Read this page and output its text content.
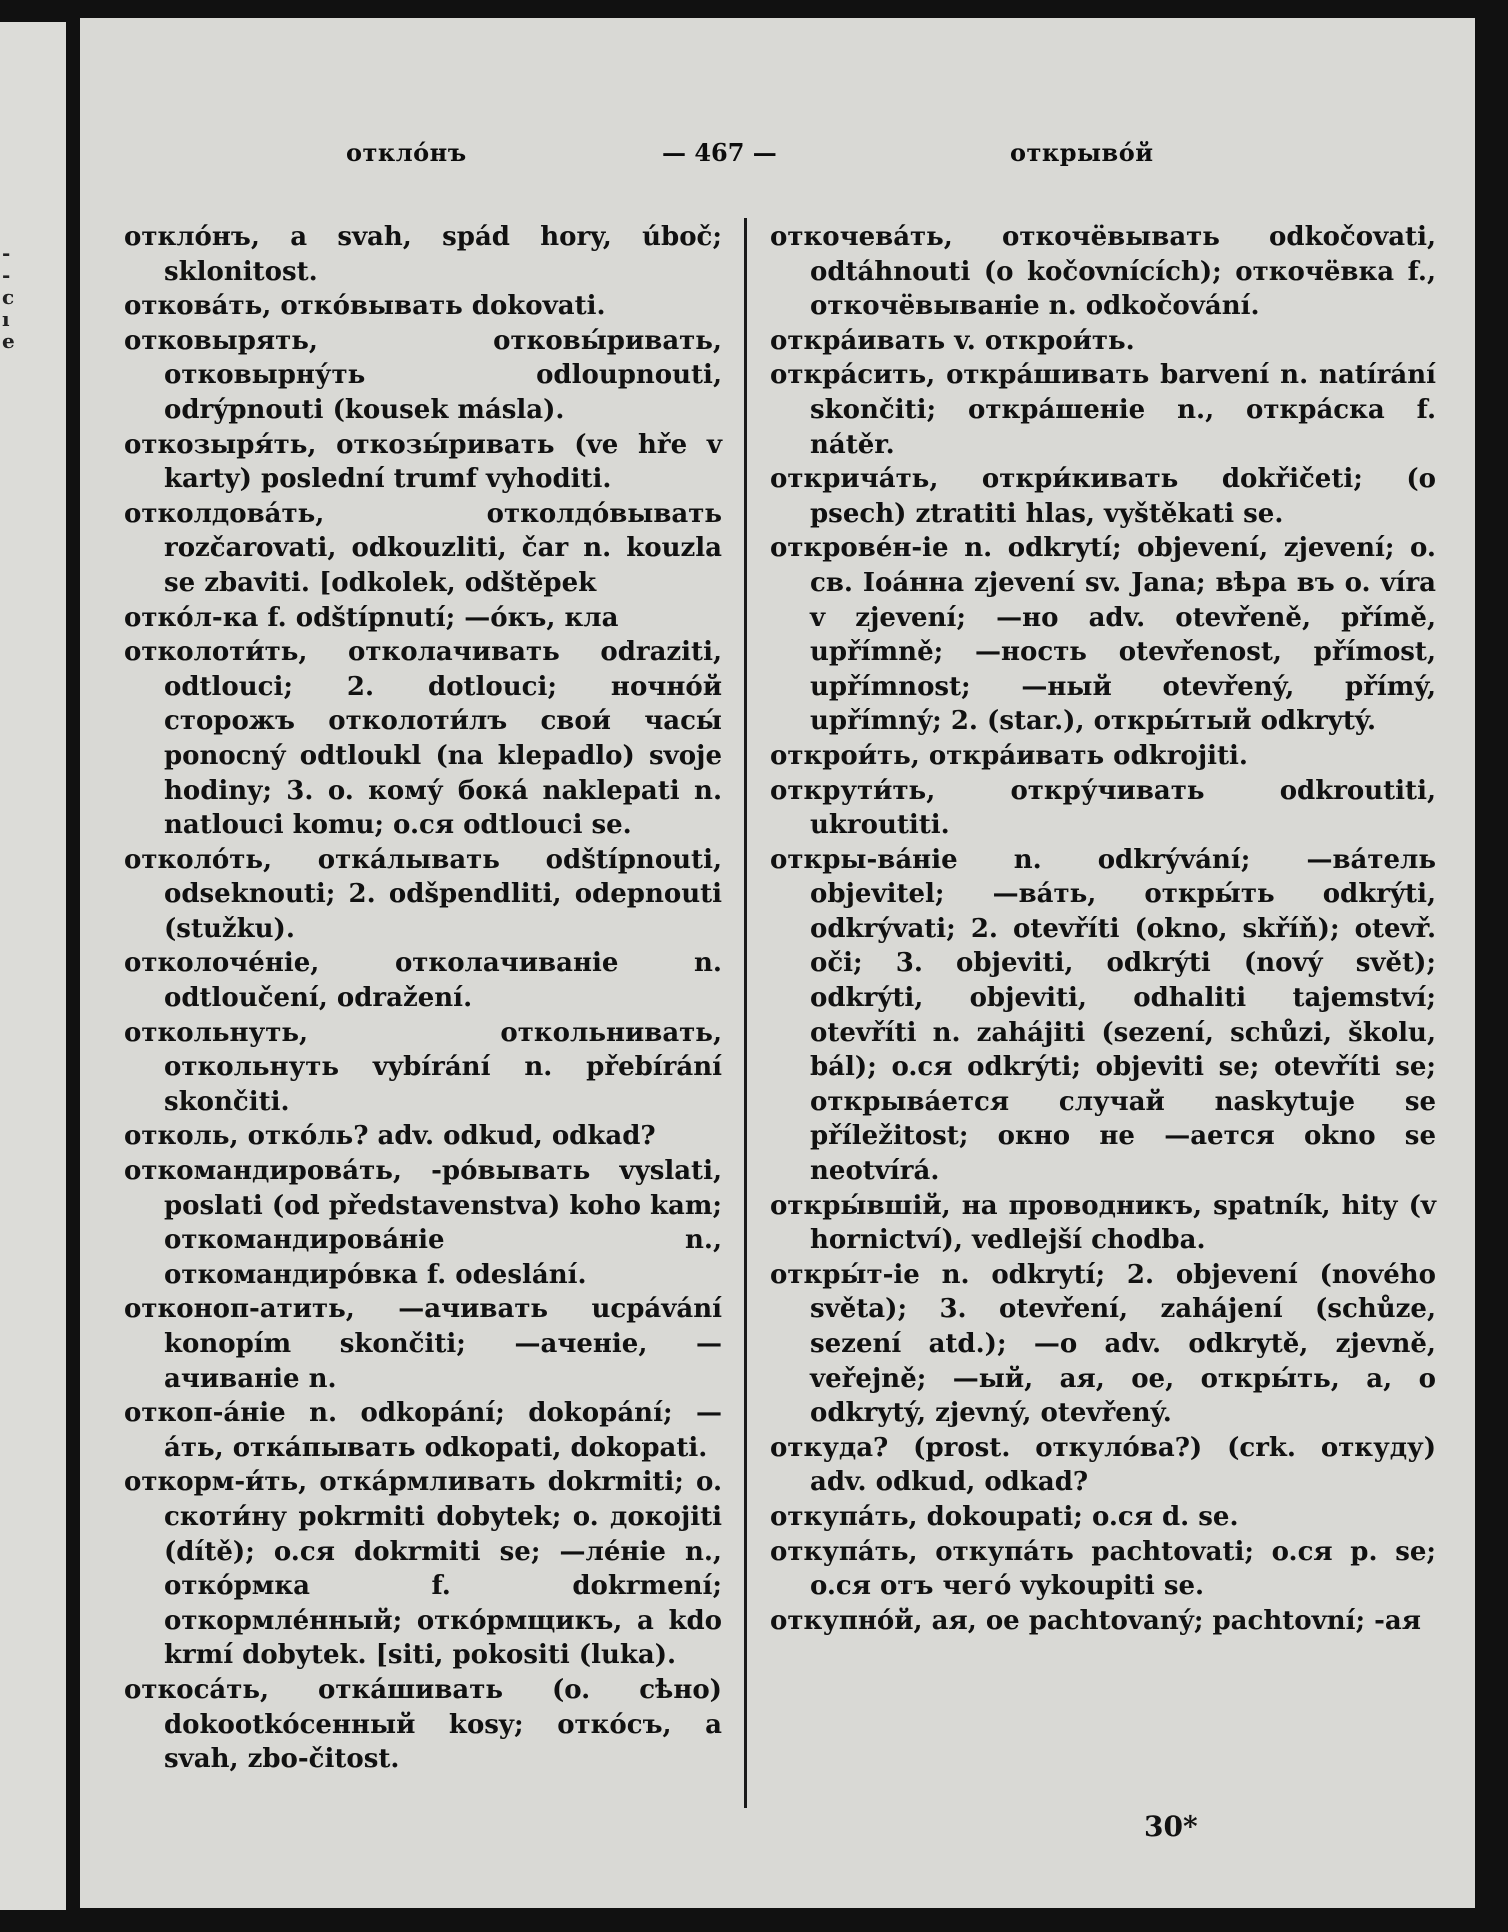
-
-
c
ı
e
откло́нъ	— 467 —	открыво́й

откло́нъ, a svah, spád hory, úboč; sklonitost.

откова́ть, отко́вывать dokovati.

отковырять, отковы́ривать, отковырну́ть odloupnouti, odrýpnouti (kousek másla).

откозыря́ть, откозы́ривать (ve hře v karty) poslední trumf vyhoditi.

отколдова́ть, отколдо́вывать rozčarovati, odkouzliti, čar n. kouzla se zbaviti. [odkolek, odštěpek

отко́л-ка f. odštípnutí; —о́къ, кла

отколоти́ть, отколачивать odraziti, odtlouci; 2. dotlouci; ночно́й сторожъ отколоти́лъ свои́ часы́ ponocný odtloukl (na klepadlo) svoje hodiny; 3. o. кому́ бока́ naklepati n. natlouci komu; o.ся odtlouci se.

отколо́ть, отка́лывать odštípnouti, odseknouti; 2. odšpendliti, odepnouti (stužku).

отколоче́ніе, отколачиваніе n. odtloučení, odražení.

откольнуть, откольнивать, откольнуть vybírání n. přebírání skončiti.

отколь, отко́ль? adv. odkud, odkad?

откомандирова́ть, -ро́вывать vyslati, poslati (od představenstva) koho kam; откомандирова́ніе n., откомандиро́вка f. odeslání.

отконоп-атить, —ачивать ucpávání konopím skončiti; —аченіе, —ачиваніе n.

откоп-а́ніе n. odkopání; dokopání; —а́ть, отка́пывать odkopati, dokopati.

откорм-и́ть, отка́рмливать dokrmiti; o. скоти́ну pokrmiti dobytek; o. докојiti (dítě); o.ся dokrmiti se; —ле́ніе n., отко́рмка f. dokrmení; откормле́нный; отко́рмщикъ, a kdo krmí dobytek. [siti, pokositi (luka).

откоса́ть, отка́шивать (o. сѣно) dokootkóсенный kosy; отко́съ, a svah, zbo-čitost.

откочева́ть, откочёвывать odkočovati, odtáhnouti (o kočovnících); откочёвка f., откочёвываніе n. odkočování.

откра́ивать v. открои́ть.

откра́сить, откра́шивать barvení n. natírání skončiti; откра́шеніе n., откра́ска f. nátěr.

открича́ть, откри́кивать dokřičeti; (o psech) ztratiti hlas, vyštěkati se.

открове́н-іе n. odkrytí; objevení, zjevení; o. св. Іоа́нна zjevení sv. Jana; вѣра въ o. víra v zjevení; —но adv. otevřeně, přímě, upřímně; —ность otevřenost, přímost, upřímnost; —ный otevřený, přímý, upřímný; 2. (star.), откры́тый odkrytý.

открои́ть, откра́ивать odkrojiti.

открути́ть, откру́чивать odkroutiti, ukroutiti.

откры-ва́ніе n. odkrývání; —ва́тель objevitel; —ва́ть, откры́ть odkrýti, odkrývati; 2. otevříti (okno, skříň); otevř. oči; 3. objeviti, odkrýti (nový svět); odkrýti, objeviti, odhaliti tajemství; otevříti n. zahájiti (sezení, schůzi, školu, bál); o.ся odkrýti; objeviti se; otevříti se; открыва́ется случай naskytuje se příležitost; окно не —ается okno se neotvírá.

откры́вшій, на проводникъ, spatník, hity (v hornictví), vedlejší chodba.

откры́т-іе n. odkrytí; 2. objevení (nového světa); 3. otevření, zahájení (schůze, sezení atd.); —о adv. odkrytě, zjevně, veřejně; —ый, ая, ое, откры́ть, a, o odkrytý, zjevný, otevřený.

откуда? (prost. откуло́ва?) (crk. откуду) adv. odkud, odkad?

откупа́ть, dokoupati; o.ся d. se.

откупа́ть, откупа́ть pachtovati; o.ся p. se; o.ся отъ чего́ vykoupiti se.

откупно́й, ая, ое pachtovaný; pachtovní; -ая

30*
